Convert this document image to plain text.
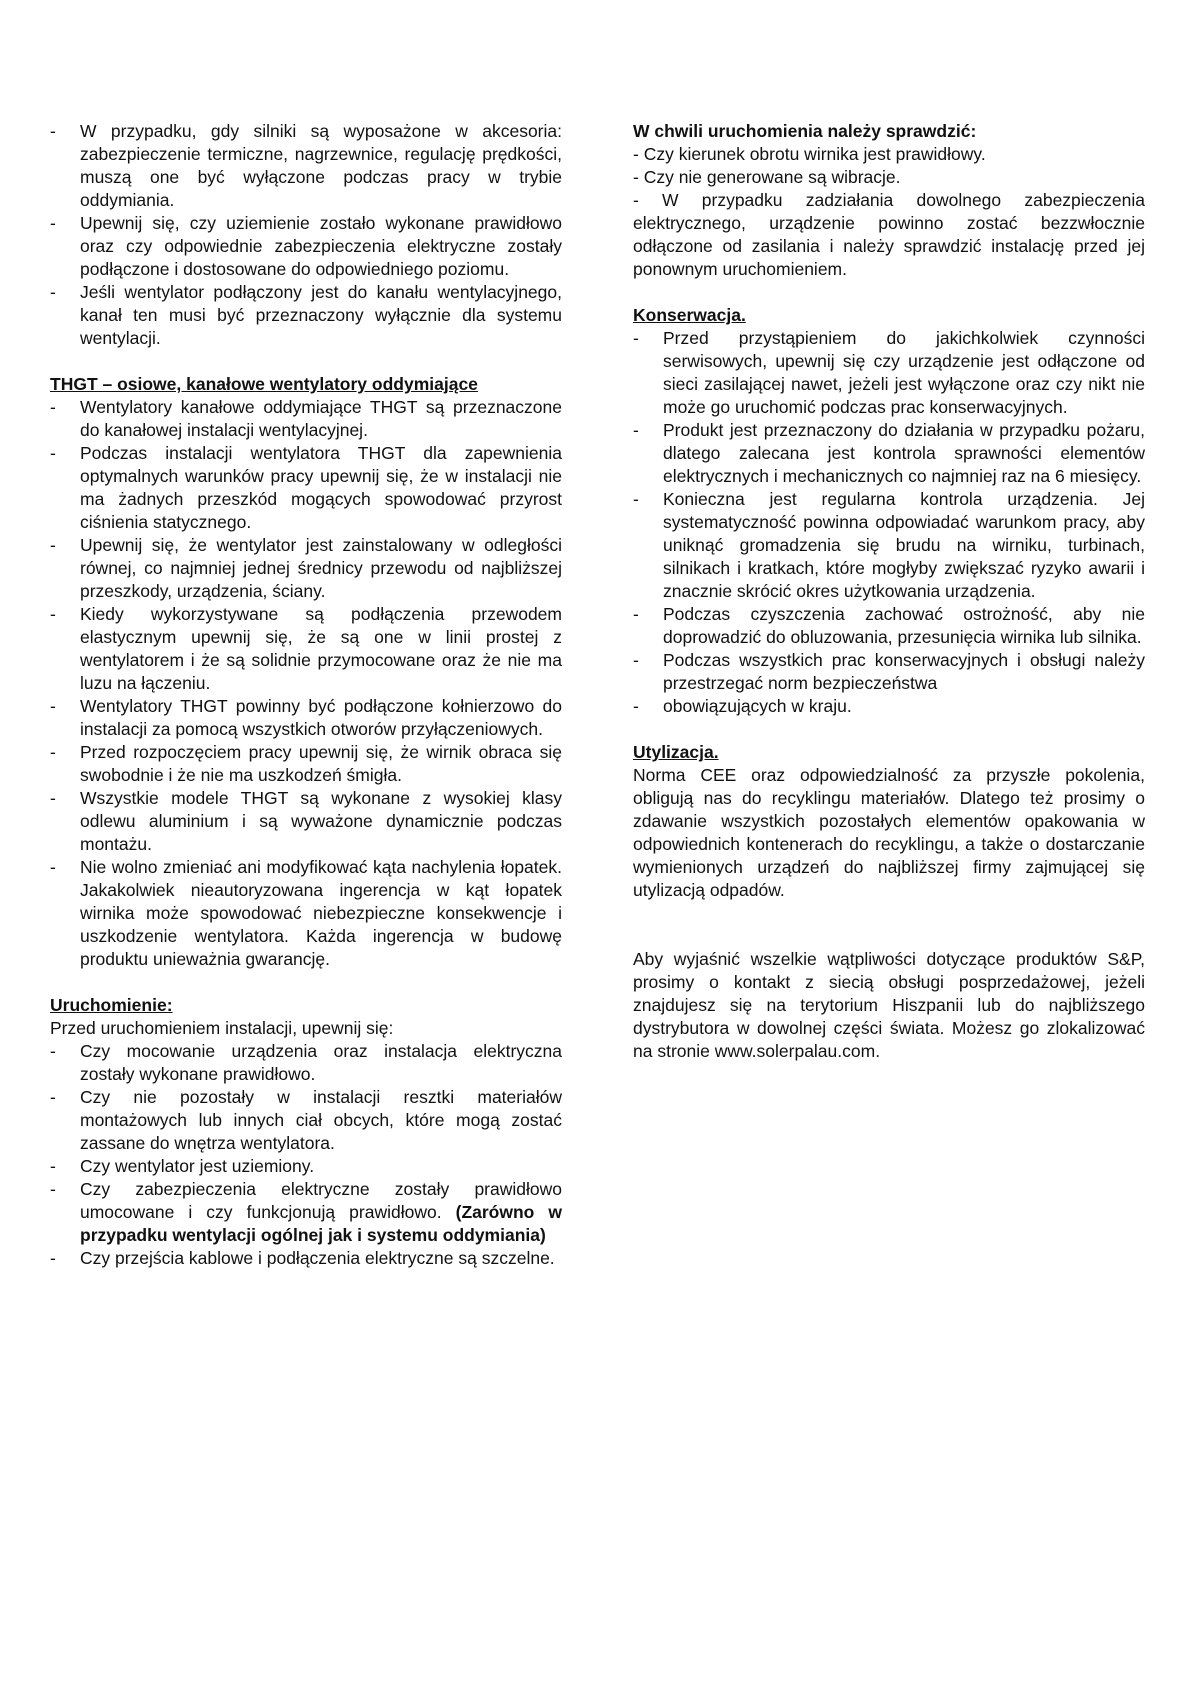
- W przypadku, gdy silniki są wyposażone w akcesoria: zabezpieczenie termiczne, nagrzewnice, regulację prędkości, muszą one być wyłączone podczas pracy w trybie oddymiania.
- Upewnij się, czy uziemienie zostało wykonane prawidłowo oraz czy odpowiednie zabezpieczenia elektryczne zostały podłączone i dostosowane do odpowiedniego poziomu.
- Jeśli wentylator podłączony jest do kanału wentylacyjnego, kanał ten musi być przeznaczony wyłącznie dla systemu wentylacji.

THGT – osiowe, kanałowe wentylatory oddymiające

- Wentylatory kanałowe oddymiające THGT są przeznaczone do kanałowej instalacji wentylacyjnej.
- Podczas instalacji wentylatora THGT dla zapewnienia optymalnych warunków pracy upewnij się, że w instalacji nie ma żadnych przeszkód mogących spowodować przyrost ciśnienia statycznego.
- Upewnij się, że wentylator jest zainstalowany w odległości równej, co najmniej jednej średnicy przewodu od najbliższej przeszkody, urządzenia, ściany.
- Kiedy wykorzystywane są podłączenia przewodem elastycznym upewnij się, że są one w linii prostej z wentylatorem i że są solidnie przymocowane oraz że nie ma luzu na łączeniu.
- Wentylatory THGT powinny być podłączone kołnierzowo do instalacji za pomocą wszystkich otworów przyłączeniowych.
- Przed rozpoczęciem pracy upewnij się, że wirnik obraca się swobodnie i że nie ma uszkodzeń śmigła.
- Wszystkie modele THGT są wykonane z wysokiej klasy odlewu aluminium i są wyważone dynamicznie podczas montażu.
- Nie wolno zmieniać ani modyfikować kąta nachylenia łopatek. Jakakolwiek nieautoryzowana ingerencja w kąt łopatek wirnika może spowodować niebezpieczne konsekwencje i uszkodzenie wentylatora. Każda ingerencja w budowę produktu unieważnia gwarancję.

Uruchomienie:

Przed uruchomieniem instalacji, upewnij się:

- Czy mocowanie urządzenia oraz instalacja elektryczna zostały wykonane prawidłowo.
- Czy nie pozostały w instalacji resztki materiałów montażowych lub innych ciał obcych, które mogą zostać zassane do wnętrza wentylatora.
- Czy wentylator jest uziemiony.
- Czy zabezpieczenia elektryczne zostały prawidłowo umocowane i czy funkcjonują prawidłowo. (Zarówno w przypadku wentylacji ogólnej jak i systemu oddymiania)
- Czy przejścia kablowe i podłączenia elektryczne są szczelne.

W chwili uruchomienia należy sprawdzić:

- Czy kierunek obrotu wirnika jest prawidłowy.

- Czy nie generowane są wibracje.

- W przypadku zadziałania dowolnego zabezpieczenia elektrycznego, urządzenie powinno zostać bezzwłocznie odłączone od zasilania i należy sprawdzić instalację przed jej ponownym uruchomieniem.

Konserwacja.

- Przed przystąpieniem do jakichkolwiek czynności serwisowych, upewnij się czy urządzenie jest odłączone od sieci zasilającej nawet, jeżeli jest wyłączone oraz czy nikt nie może go uruchomić podczas prac konserwacyjnych.
- Produkt jest przeznaczony do działania w przypadku pożaru, dlatego zalecana jest kontrola sprawności elementów elektrycznych i mechanicznych co najmniej raz na 6 miesięcy.
- Konieczna jest regularna kontrola urządzenia. Jej systematyczność powinna odpowiadać warunkom pracy, aby uniknąć gromadzenia się brudu na wirniku, turbinach, silnikach i kratkach, które mogłyby zwiększać ryzyko awarii i znacznie skrócić okres użytkowania urządzenia.
- Podczas czyszczenia zachować ostrożność, aby nie doprowadzić do obluzowania, przesunięcia wirnika lub silnika.
- Podczas wszystkich prac konserwacyjnych i obsługi należy przestrzegać norm bezpieczeństwa
- obowiązujących w kraju.

Utylizacja.

Norma CEE oraz odpowiedzialność za przyszłe pokolenia, obligują nas do recyklingu materiałów. Dlatego też prosimy o zdawanie wszystkich pozostałych elementów opakowania w odpowiednich kontenerach do recyklingu, a także o dostarczanie wymienionych urządzeń do najbliższej firmy zajmującej się utylizacją odpadów.

Aby wyjaśnić wszelkie wątpliwości dotyczące produktów S&P, prosimy o kontakt z siecią obsługi posprzedażowej, jeżeli znajdujesz się na terytorium Hiszpanii lub do najbliższego dystrybutora w dowolnej części świata. Możesz go zlokalizować na stronie www.solerpalau.com.
